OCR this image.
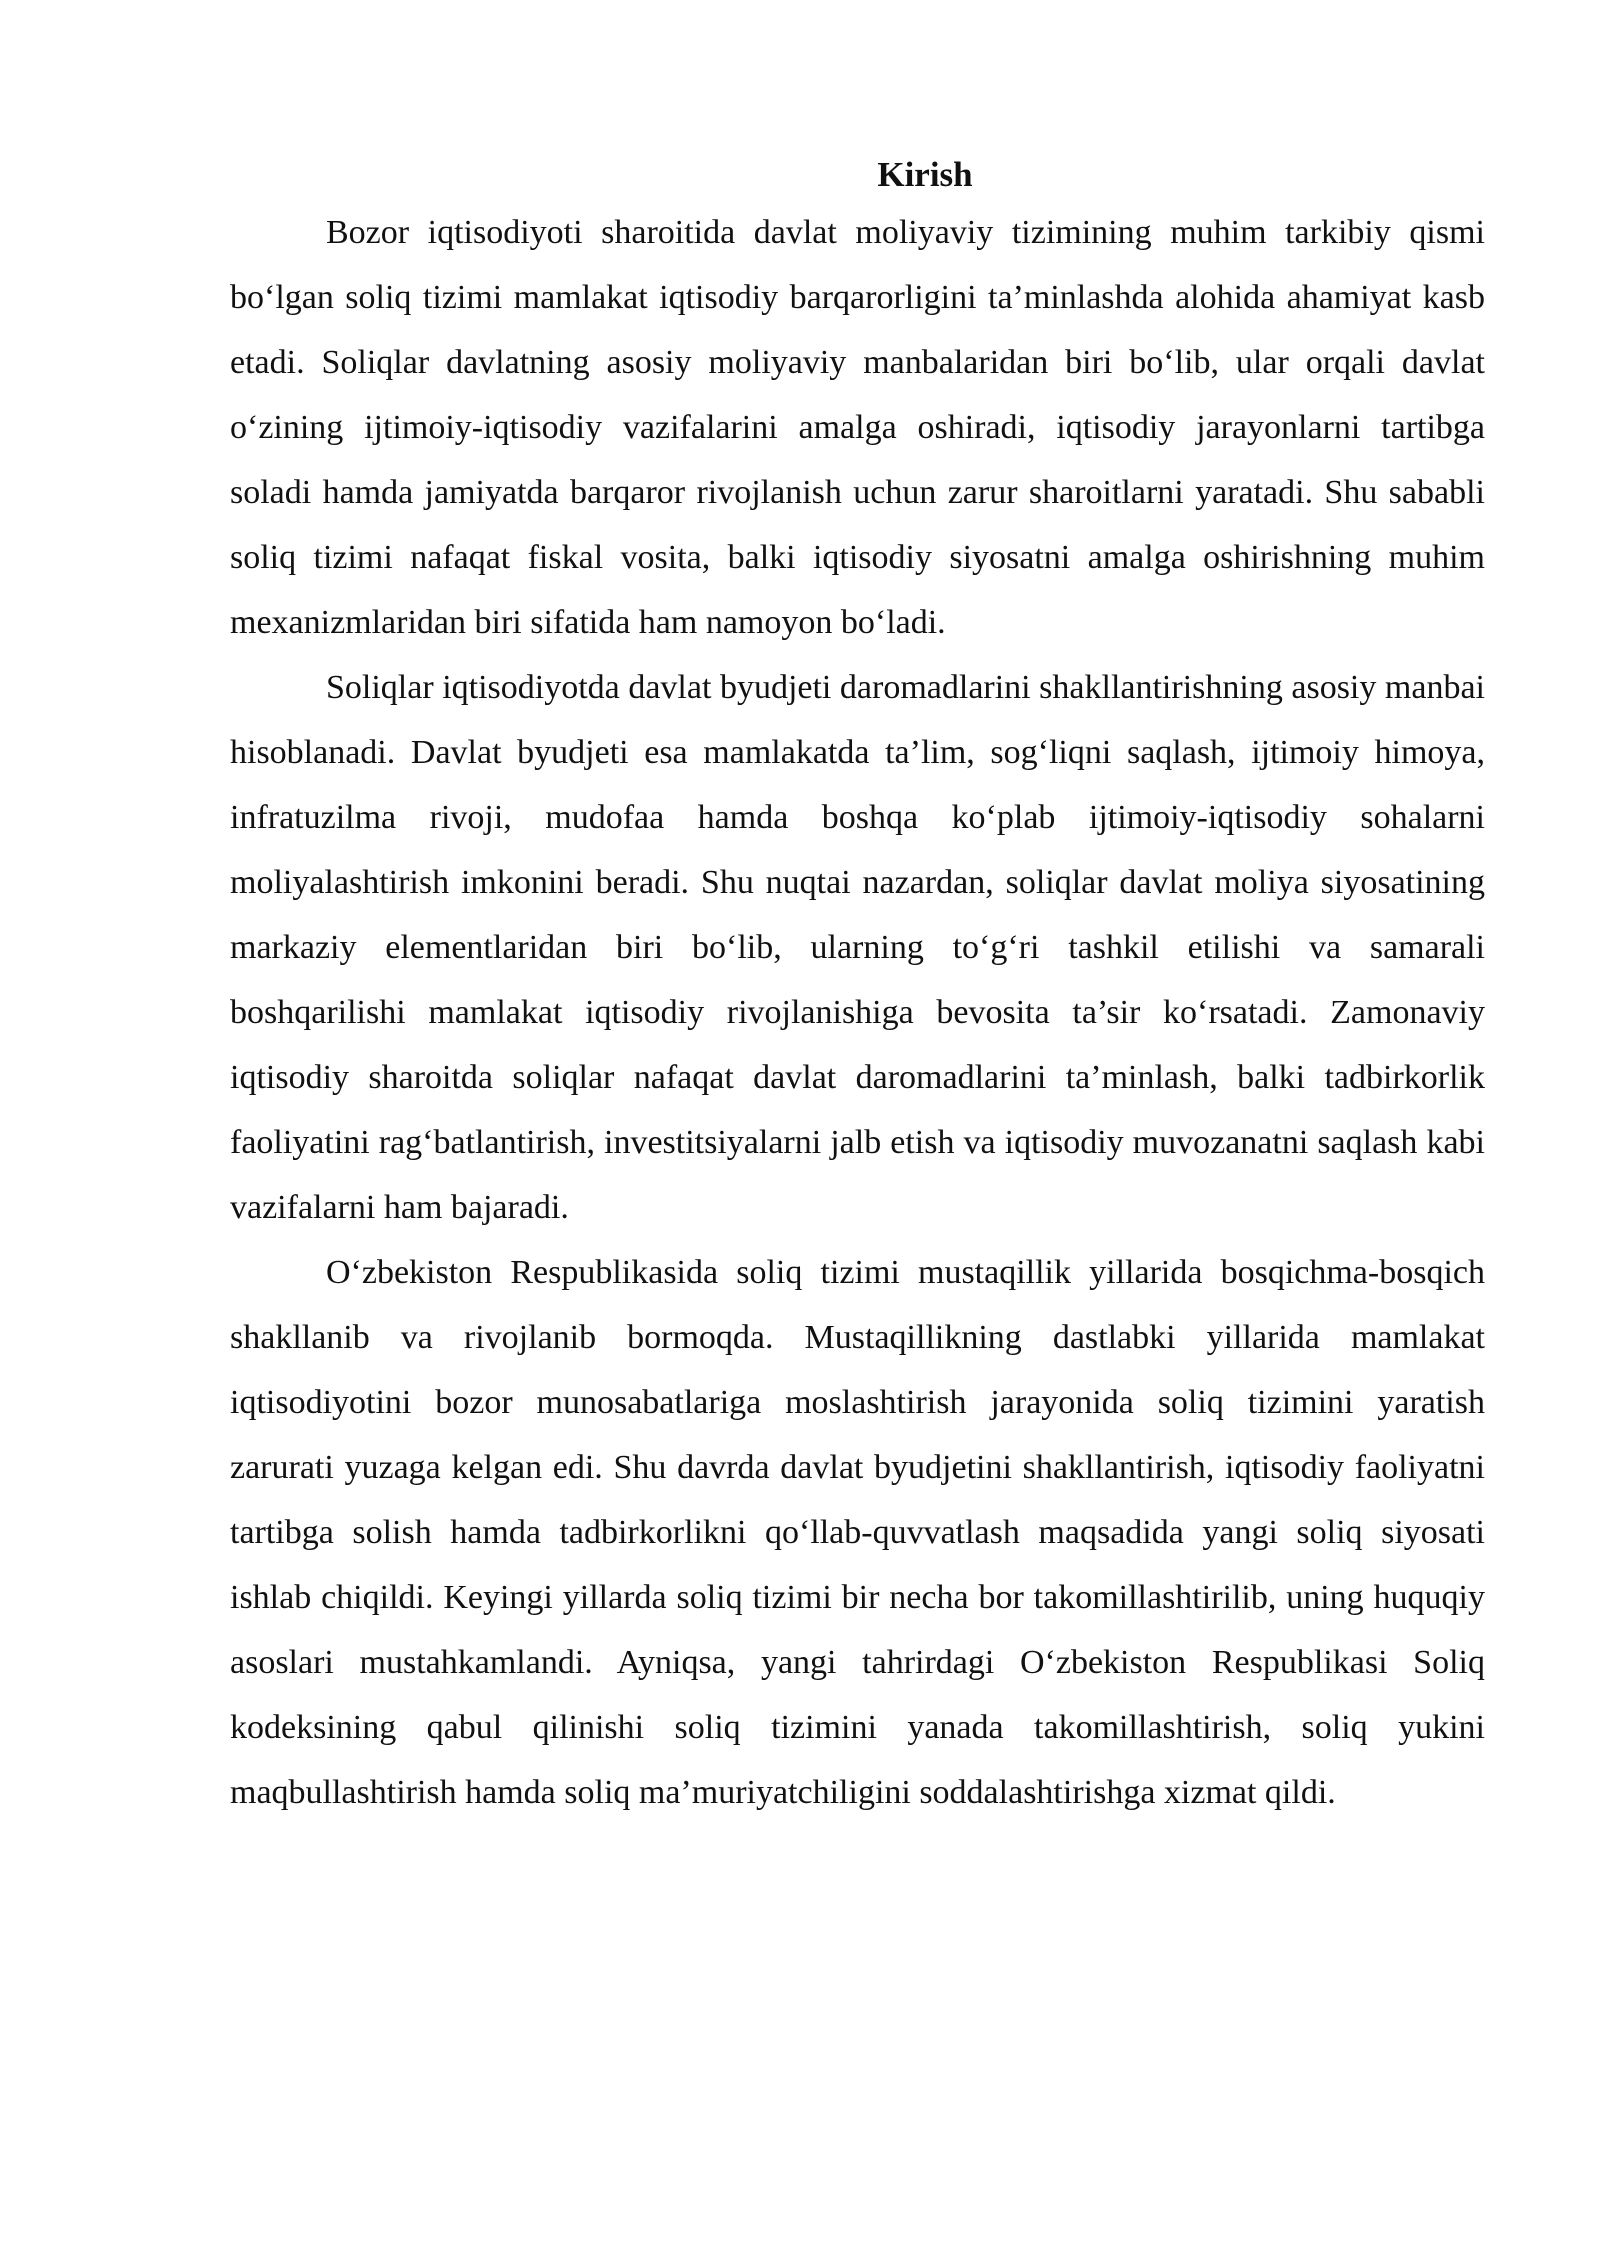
Kirish

Bozor iqtisodiyoti sharoitida davlat moliyaviy tizimining muhim tarkibiy qismi bo‘lgan soliq tizimi mamlakat iqtisodiy barqarorligini ta’minlashda alohida ahamiyat kasb etadi. Soliqlar davlatning asosiy moliyaviy manbalaridan biri bo‘lib, ular orqali davlat o‘zining ijtimoiy-iqtisodiy vazifalarini amalga oshiradi, iqtisodiy jarayonlarni tartibga soladi hamda jamiyatda barqaror rivojlanish uchun zarur sharoitlarni yaratadi. Shu sababli soliq tizimi nafaqat fiskal vosita, balki iqtisodiy siyosatni amalga oshirishning muhim mexanizmlaridan biri sifatida ham namoyon bo‘ladi.

Soliqlar iqtisodiyotda davlat byudjeti daromadlarini shakllantirishning asosiy manbai hisoblanadi. Davlat byudjeti esa mamlakatda ta’lim, sog‘liqni saqlash, ijtimoiy himoya, infratuzilma rivoji, mudofaa hamda boshqa ko‘plab ijtimoiy-iqtisodiy sohalarni moliyalashtirish imkonini beradi. Shu nuqtai nazardan, soliqlar davlat moliya siyosatining markaziy elementlaridan biri bo‘lib, ularning to‘g‘ri tashkil etilishi va samarali boshqarilishi mamlakat iqtisodiy rivojlanishiga bevosita ta’sir ko‘rsatadi. Zamonaviy iqtisodiy sharoitda soliqlar nafaqat davlat daromadlarini ta’minlash, balki tadbirkorlik faoliyatini rag‘batlantirish, investitsiyalarni jalb etish va iqtisodiy muvozanatni saqlash kabi vazifalarni ham bajaradi.

O‘zbekiston Respublikasida soliq tizimi mustaqillik yillarida bosqichma-bosqich shakllanib va rivojlanib bormoqda. Mustaqillikning dastlabki yillarida mamlakat iqtisodiyotini bozor munosabatlariga moslashtirish jarayonida soliq tizimini yaratish zarurati yuzaga kelgan edi. Shu davrda davlat byudjetini shakllantirish, iqtisodiy faoliyatni tartibga solish hamda tadbirkorlikni qo‘llab-quvvatlash maqsadida yangi soliq siyosati ishlab chiqildi. Keyingi yillarda soliq tizimi bir necha bor takomillashtirilib, uning huquqiy asoslari mustahkamlandi. Ayniqsa, yangi tahrirdagi O‘zbekiston Respublikasi Soliq kodeksining qabul qilinishi soliq tizimini yanada takomillashtirish, soliq yukini maqbullashtirish hamda soliq ma’muriyatchiligini soddalashtirishga xizmat qildi.
